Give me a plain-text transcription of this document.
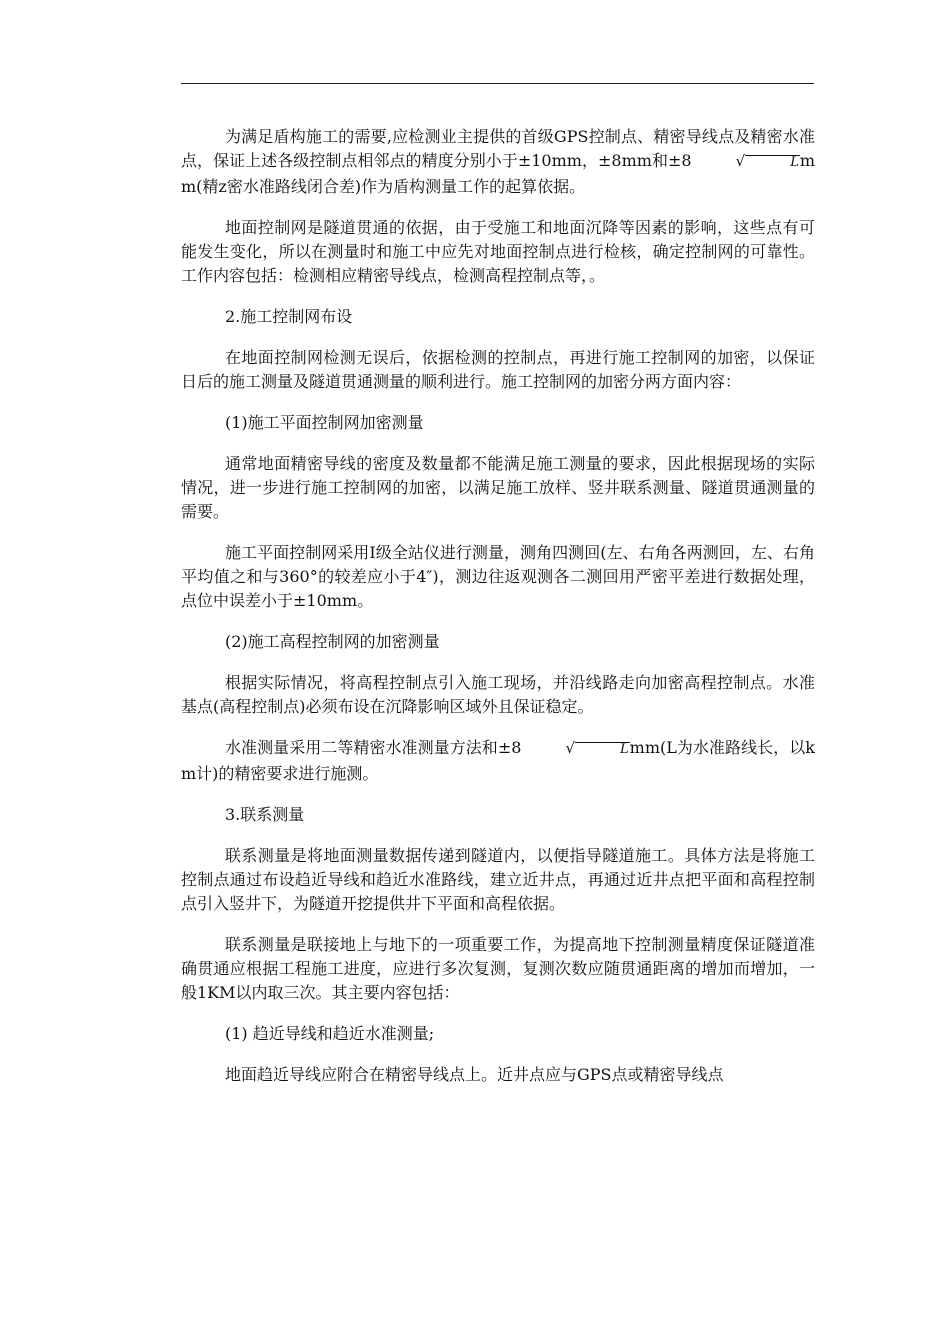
为满足盾构施工的需要,应检测业主提供的首级GPS控制点、精密导线点及精密水准点，保证上述各级控制点相邻点的精度分别小于±10mm，±8mm和±8	√	Lmm(精z密水准路线闭合差)作为盾构测量工作的起算依据。

地面控制网是隧道贯通的依据，由于受施工和地面沉降等因素的影响，这些点有可能发生变化，所以在测量时和施工中应先对地面控制点进行检核，确定控制网的可靠性。工作内容包括：检测相应精密导线点，检测高程控制点等，。

2.施工控制网布设

在地面控制网检测无误后，依据检测的控制点，再进行施工控制网的加密，以保证日后的施工测量及隧道贯通测量的顺利进行。施工控制网的加密分两方面内容：

(1)施工平面控制网加密测量

通常地面精密导线的密度及数量都不能满足施工测量的要求，因此根据现场的实际情况，进一步进行施工控制网的加密，以满足施工放样、竖井联系测量、隧道贯通测量的需要。

施工平面控制网采用Ⅰ级全站仪进行测量，测角四测回(左、右角各两测回，左、右角平均值之和与360°的较差应小于4″)，测边往返观测各二测回用严密平差进行数据处理，点位中误差小于±10mm。

(2)施工高程控制网的加密测量

根据实际情况，将高程控制点引入施工现场，并沿线路走向加密高程控制点。水准基点(高程控制点)必须布设在沉降影响区域外且保证稳定。

水准测量采用二等精密水准测量方法和±8	√	Lmm(L为水准路线长，以km计)的精密要求进行施测。

3.联系测量

联系测量是将地面测量数据传递到隧道内，以便指导隧道施工。具体方法是将施工控制点通过布设趋近导线和趋近水准路线，建立近井点，再通过近井点把平面和高程控制点引入竖井下，为隧道开挖提供井下平面和高程依据。

联系测量是联接地上与地下的一项重要工作，为提高地下控制测量精度保证隧道准确贯通应根据工程施工进度，应进行多次复测，复测次数应随贯通距离的增加而增加，一般1KM以内取三次。其主要内容包括：

(1) 趋近导线和趋近水准测量;

地面趋近导线应附合在精密导线点上。近井点应与GPS点或精密导线点
